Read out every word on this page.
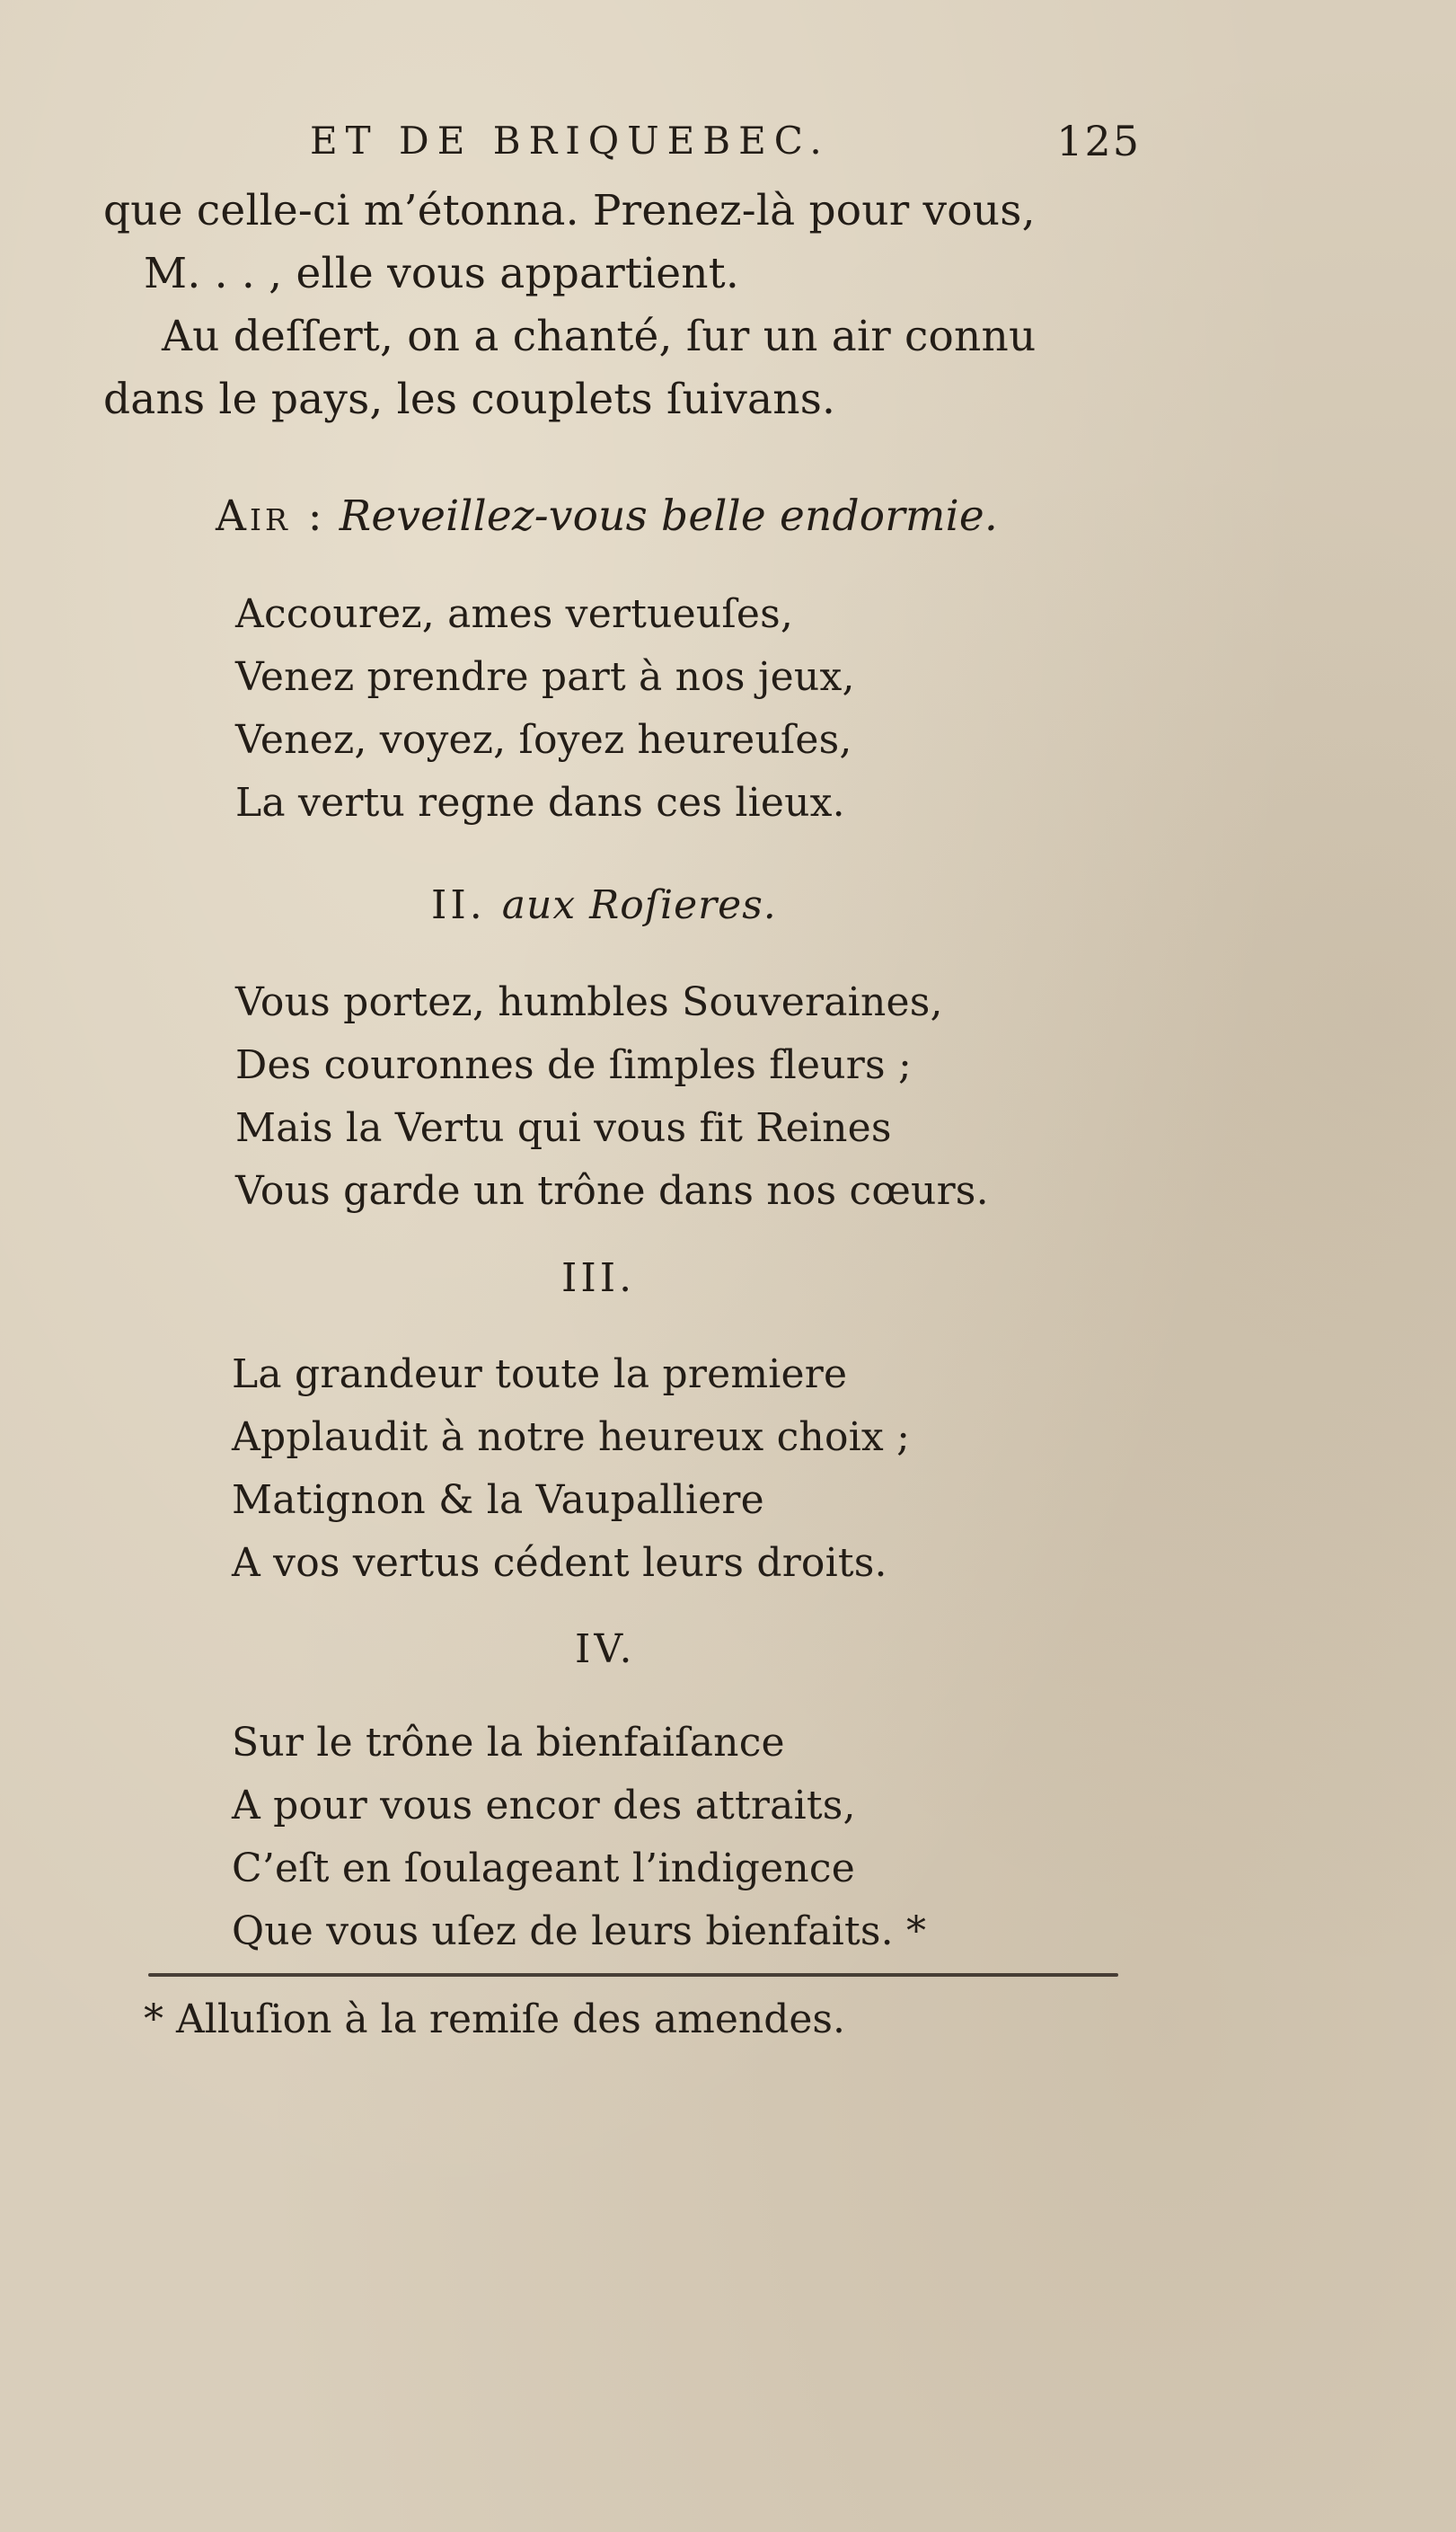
ET DE BRIQUEBEC.	125
que celle-ci m’étonna. Prenez-là pour vous,
M. . . , elle vous appartient.
Au deſſert, on a chanté, ſur un air connu
dans le pays, les couplets ſuivans.
Air : Reveillez-vous belle endormie.
Accourez, ames vertueuſes,
Venez prendre part à nos jeux,
Venez, voyez, ſoyez heureuſes,
La vertu regne dans ces lieux.
II. aux Roſieres.
Vous portez, humbles Souveraines,
Des couronnes de ſimples fleurs ;
Mais la Vertu qui vous fit Reines
Vous garde un trône dans nos cœurs.
III.
La grandeur toute la premiere
Applaudit à notre heureux choix ;
Matignon & la Vaupalliere
A vos vertus cédent leurs droits.
IV.
Sur le trône la bienfaiſance
A pour vous encor des attraits,
C’eſt en ſoulageant l’indigence
Que vous uſez de leurs bienfaits. *
* Alluſion à la remiſe des amendes.
